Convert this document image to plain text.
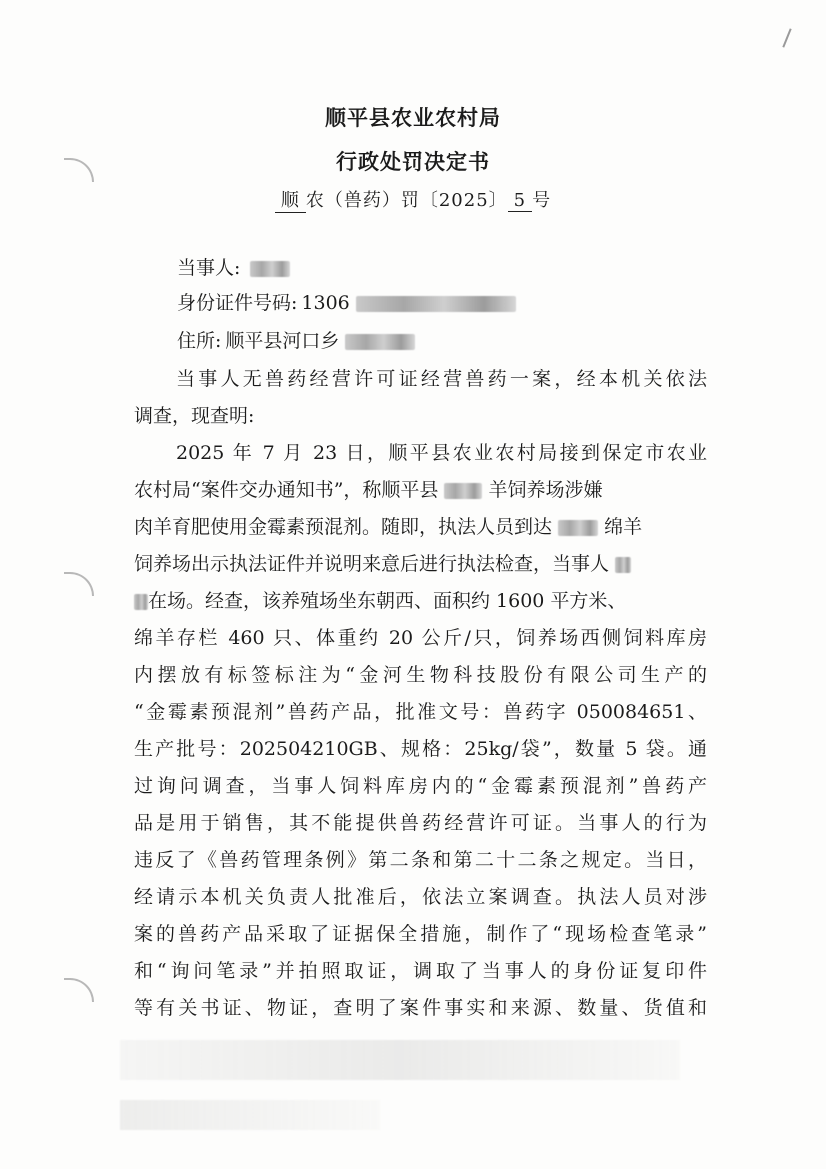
顺平县农业农村局
行政处罚决定书
顺 农（兽药）罚〔2025〕 5 号
当事人:
身份证件号码: 1306
住所: 顺平县河口乡
当事人无兽药经营许可证经营兽药一案，经本机关依法
调查，现查明:
2025 年 7 月 23 日，顺平县农业农村局接到保定市农业
农村局“案件交办通知书”，称顺平县	羊饲养场涉嫌
肉羊育肥使用金霉素预混剂。随即，执法人员到达	绵羊
饲养场出示执法证件并说明来意后进行执法检查，当事人
在场。经查，该养殖场坐东朝西、面积约 1600 平方米、
绵羊存栏 460 只、体重约 20 公斤/只，饲养场西侧饲料库房
内摆放有标签标注为“金河生物科技股份有限公司生产的
“金霉素预混剂”兽药产品，批准文号：兽药字 050084651、
生产批号：202504210GB、规格：25kg/袋”，数量 5 袋。通
过询问调查，当事人饲料库房内的“金霉素预混剂”兽药产
品是用于销售，其不能提供兽药经营许可证。当事人的行为
违反了《兽药管理条例》第二条和第二十二条之规定。当日，
经请示本机关负责人批准后，依法立案调查。执法人员对涉
案的兽药产品采取了证据保全措施，制作了“现场检查笔录”
和“询问笔录”并拍照取证，调取了当事人的身份证复印件
等有关书证、物证，查明了案件事实和来源、数量、货值和
